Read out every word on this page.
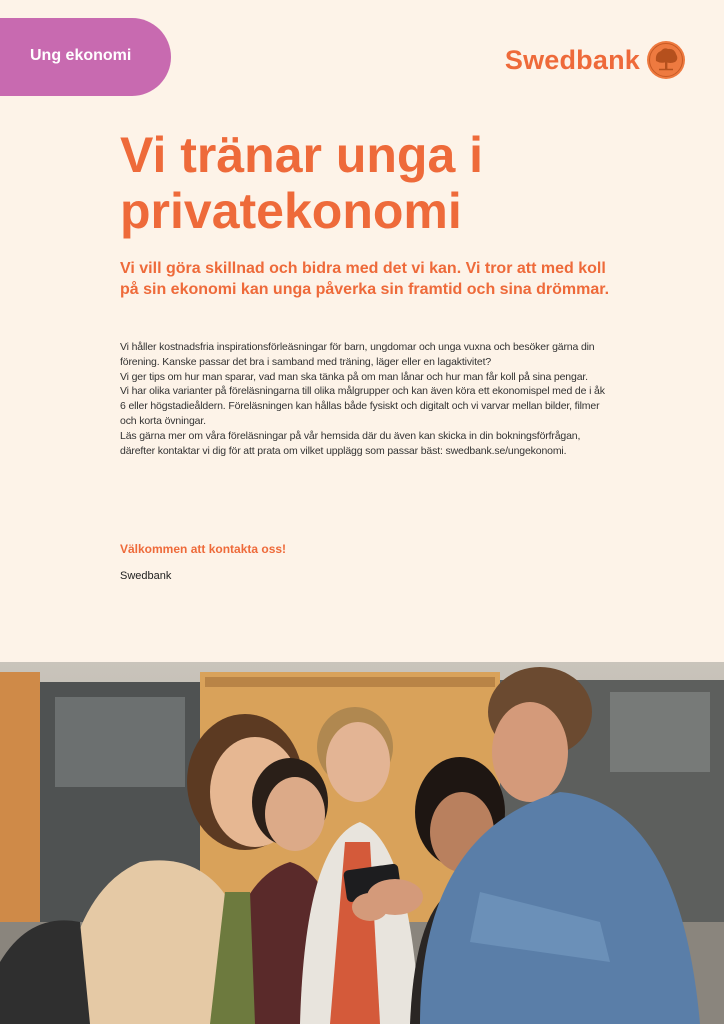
Ung ekonomi	Swedbank
Vi tränar unga i privatekonomi

Vi vill göra skillnad och bidra med det vi kan. Vi tror att med koll på sin ekonomi kan unga påverka sin framtid och sina drömmar.

Vi håller kostnadsfria inspirationsförleäsningar för barn, ungdomar och unga vuxna och besöker gärna din förening. Kanske passar det bra i samband med träning, läger eller en lagaktivitet?

Vi ger tips om hur man sparar, vad man ska tänka på om man lånar och hur man får koll på sina pengar.

Vi har olika varianter på föreläsningarna till olika målgrupper och kan även köra ett ekonomispel med de i åk 6 eller högstadieåldern. Föreläsningen kan hållas både fysiskt och digitalt och vi varvar mellan bilder, filmer och korta övningar.

Läs gärna mer om våra föreläsningar på vår hemsida där du även kan skicka in din bokningsförfrågan, därefter kontaktar vi dig för att prata om vilket upplägg som passar bäst: swedbank.se/ungekonomi.

Välkommen att kontakta oss!

Swedbank
